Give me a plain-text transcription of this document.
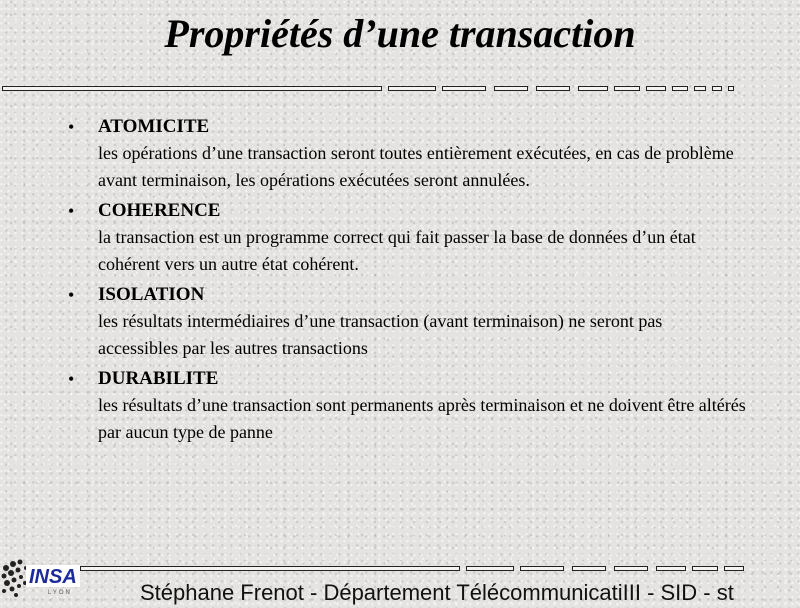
Propriétés d’une transaction
• ATOMICITE
les opérations d’une transaction seront toutes entièrement exécutées, en cas de problème avant terminaison, les opérations exécutées seront annulées.
• COHERENCE
la transaction est un programme correct qui fait passer la base de données d’un état cohérent vers un autre état cohérent.
• ISOLATION
les résultats intermédiaires d’une transaction (avant terminaison) ne seront pas accessibles par les autres transactions
• DURABILITE
les résultats d’une transaction sont permanents après terminaison et ne doivent être altérés par aucun type de panne
INSA
LYON	Stéphane Frenot - Département TélécommunicatiIII - SID - st
